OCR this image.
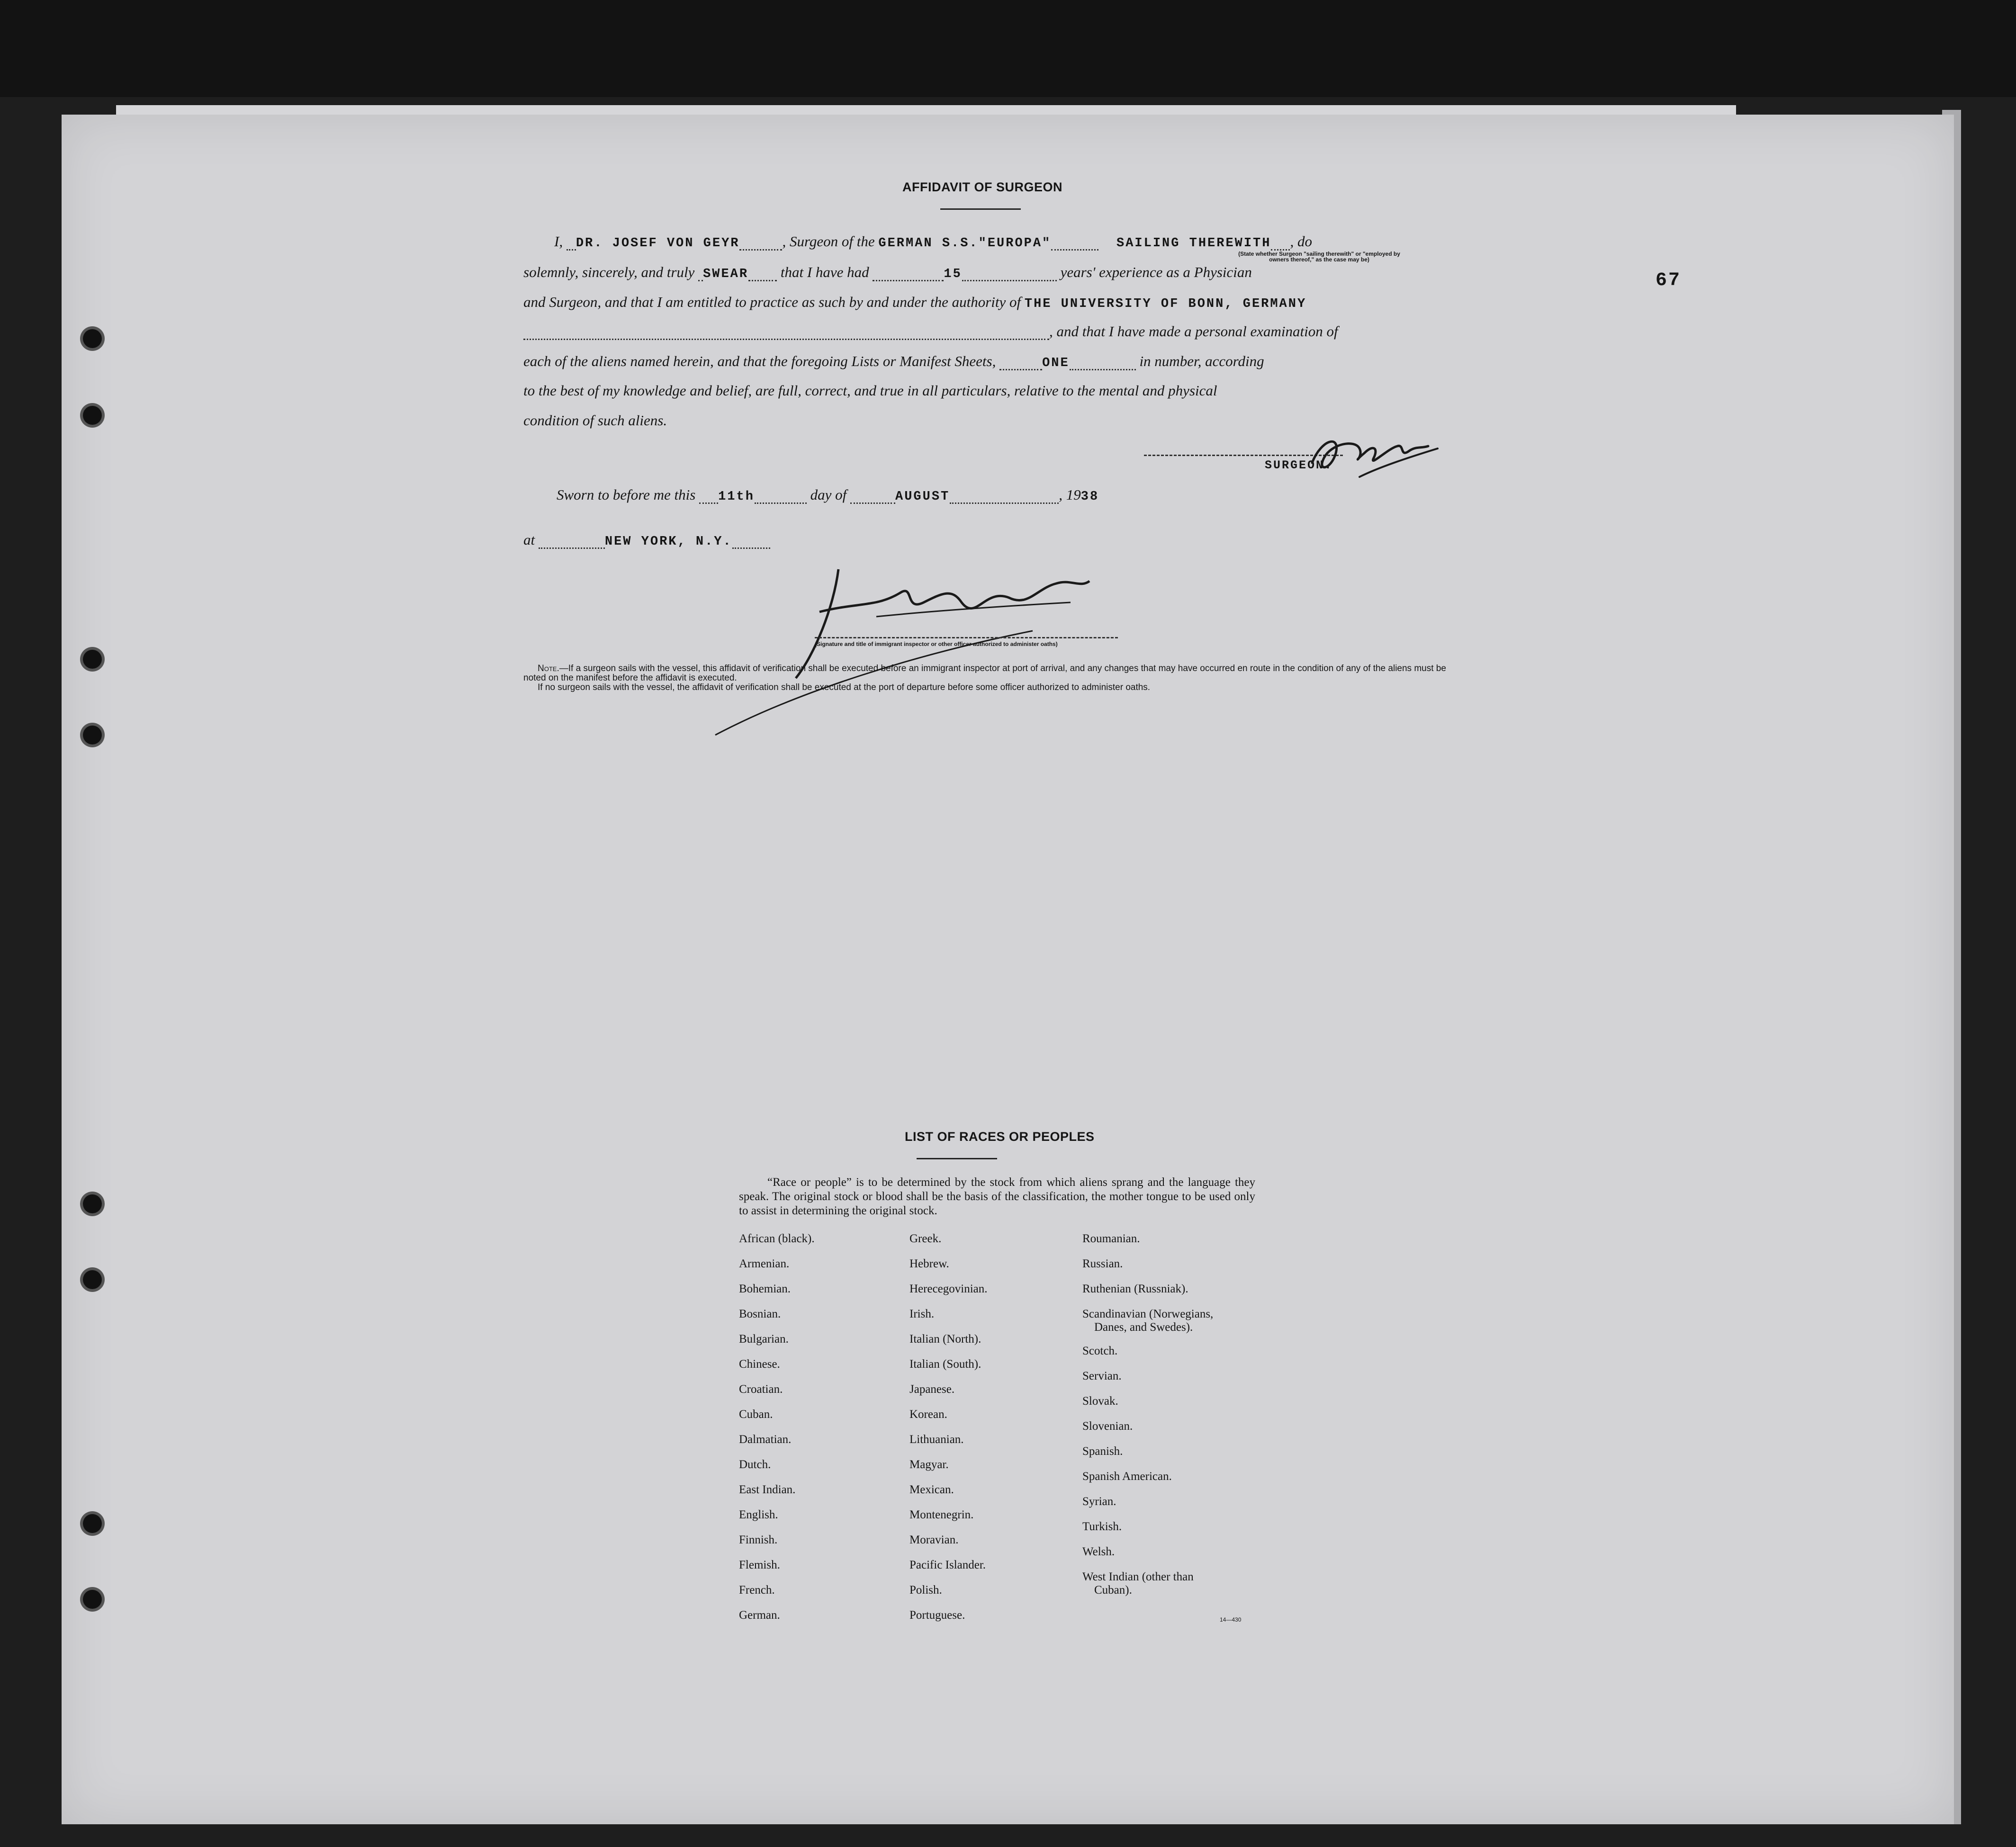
AFFIDAVIT OF SURGEON
I, DR. JOSEF VON GEYR	, Surgeon of the GERMAN S.S."EUROPA"	SAILING THEREWITH , do
(State whether Surgeon "sailing therewith" or "employed by owners thereof," as the case may be)
solemnly, sincerely, and truly SWEAR that I have had	15	years' experience as a Physician
and Surgeon, and that I am entitled to practice as such by and under the authority of THE UNIVERSITY OF BONN, GERMANY
, and that I have made a personal examination of
each of the aliens named herein, and that the foregoing Lists or Manifest Sheets,	ONE	in number, according
to the best of my knowledge and belief, are full, correct, and true in all particulars, relative to the mental and physical
condition of such aliens.
SURGEON.
Sworn to before me this 11th	day of	AUGUST	, 1938
at	NEW YORK, N.Y.
(Signature and title of immigrant inspector or other officer authorized to administer oaths)
Note.—If a surgeon sails with the vessel, this affidavit of verification shall be executed before an immigrant inspector at port of arrival, and any changes that may have occurred en route in the condition of any of the aliens must be noted on the manifest before the affidavit is executed.
If no surgeon sails with the vessel, the affidavit of verification shall be executed at the port of departure before some officer authorized to administer oaths.
67
LIST OF RACES OR PEOPLES
“Race or people” is to be determined by the stock from which aliens sprang and the language they speak. The original stock or blood shall be the basis of the classification, the mother tongue to be used only to assist in determining the original stock.
African (black).
Armenian.
Bohemian.
Bosnian.
Bulgarian.
Chinese.
Croatian.
Cuban.
Dalmatian.
Dutch.
East Indian.
English.
Finnish.
Flemish.
French.
German.
Greek.
Hebrew.
Herecegovinian.
Irish.
Italian (North).
Italian (South).
Japanese.
Korean.
Lithuanian.
Magyar.
Mexican.
Montenegrin.
Moravian.
Pacific Islander.
Polish.
Portuguese.
Roumanian.
Russian.
Ruthenian (Russniak).
Scandinavian (Norwegians,
Danes, and Swedes).
Scotch.
Servian.
Slovak.
Slovenian.
Spanish.
Spanish American.
Syrian.
Turkish.
Welsh.
West Indian (other than
Cuban).
14—430
